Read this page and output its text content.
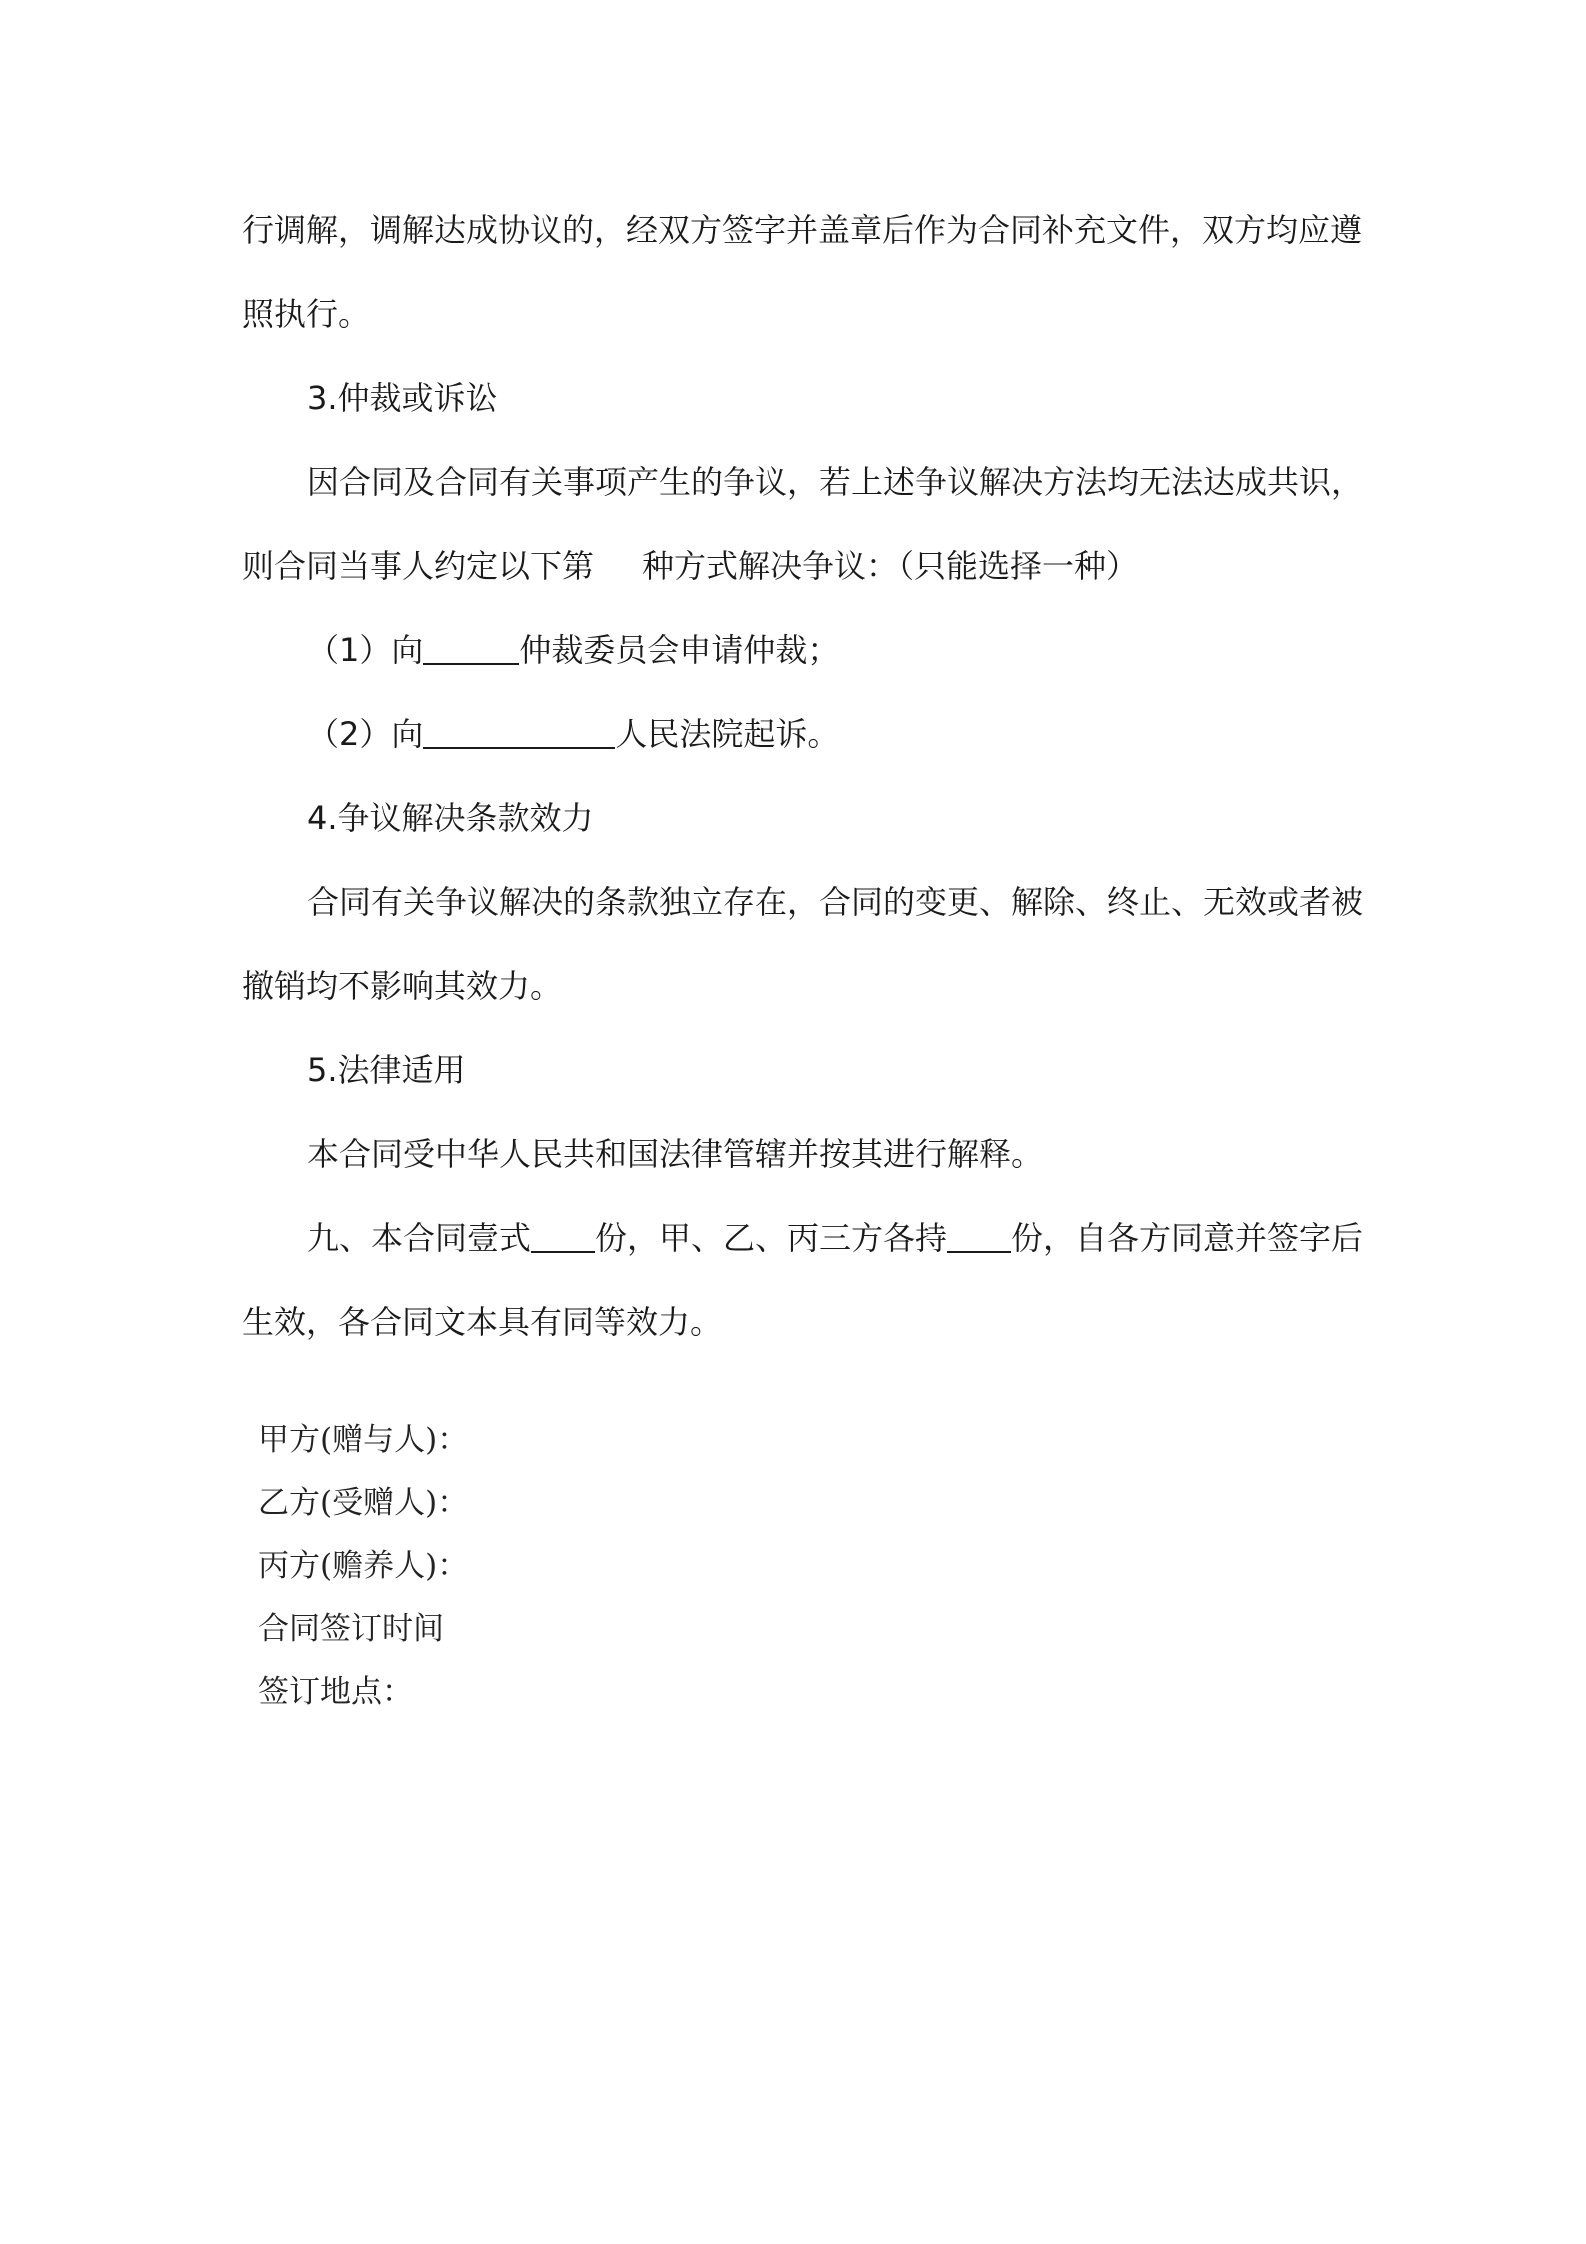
行调解，调解达成协议的，经双方签字并盖章后作为合同补充文件，双方均应遵
照执行。
3.仲裁或诉讼
因合同及合同有关事项产生的争议，若上述争议解决方法均无法达成共识，
则合同当事人约定以下第 种方式解决争议：（只能选择一种）
（1）向	仲裁委员会申请仲裁；
（2）向	人民法院起诉。
4.争议解决条款效力
合同有关争议解决的条款独立存在，合同的变更、解除、终止、无效或者被
撤销均不影响其效力。
5.法律适用
本合同受中华人民共和国法律管辖并按其进行解释。
九、本合同壹式 份，甲、乙、丙三方各持 份，自各方同意并签字后
生效，各合同文本具有同等效力。
甲方(赠与人)：
乙方(受赠人)：
丙方(赡养人)：
合同签订时间
签订地点：
